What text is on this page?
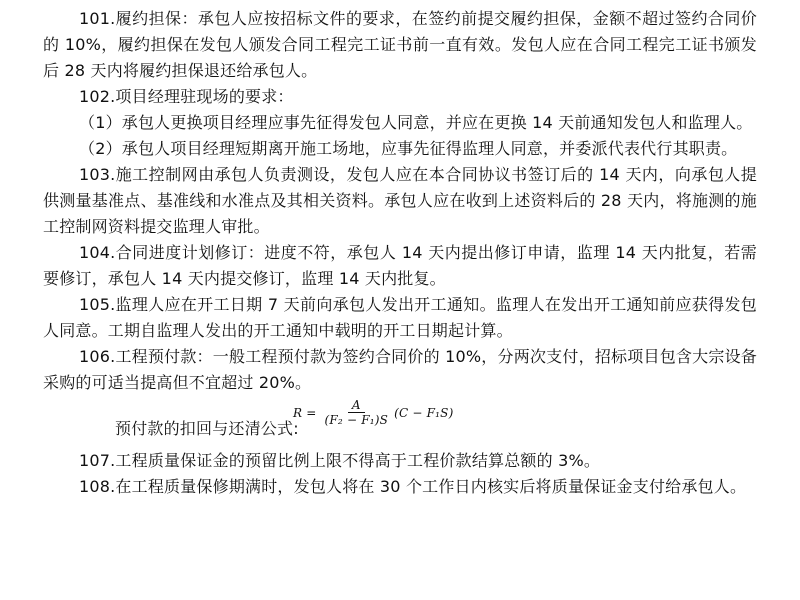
101.履约担保：承包人应按招标文件的要求，在签约前提交履约担保，金额不超过签约合同价的 10%，履约担保在发包人颁发合同工程完工证书前一直有效。发包人应在合同工程完工证书颁发后 28 天内将履约担保退还给承包人。

102.项目经理驻现场的要求：

（1）承包人更换项目经理应事先征得发包人同意，并应在更换 14 天前通知发包人和监理人。

（2）承包人项目经理短期离开施工场地，应事先征得监理人同意，并委派代表代行其职责。

103.施工控制网由承包人负责测设，发包人应在本合同协议书签订后的 14 天内，向承包人提供测量基准点、基准线和水准点及其相关资料。承包人应在收到上述资料后的 28 天内，将施测的施工控制网资料提交监理人审批。

104.合同进度计划修订：进度不符，承包人 14 天内提出修订申请，监理 14 天内批复，若需要修订，承包人 14 天内提交修订，监理 14 天内批复。

105.监理人应在开工日期 7 天前向承包人发出开工通知。监理人在发出开工通知前应获得发包人同意。工期自监理人发出的开工通知中载明的开工日期起计算。

106.工程预付款：一般工程预付款为签约合同价的 10%，分两次支付，招标项目包含大宗设备采购的可适当提高但不宜超过 20%。

预付款的扣回与还清公式:
$R = \frac{A}{\text{(F₂ − F₁)S}} (C - F_1S)$

107.工程质量保证金的预留比例上限不得高于工程价款结算总额的 3%。

108.在工程质量保修期满时，发包人将在 30 个工作日内核实后将质量保证金支付给承包人。
